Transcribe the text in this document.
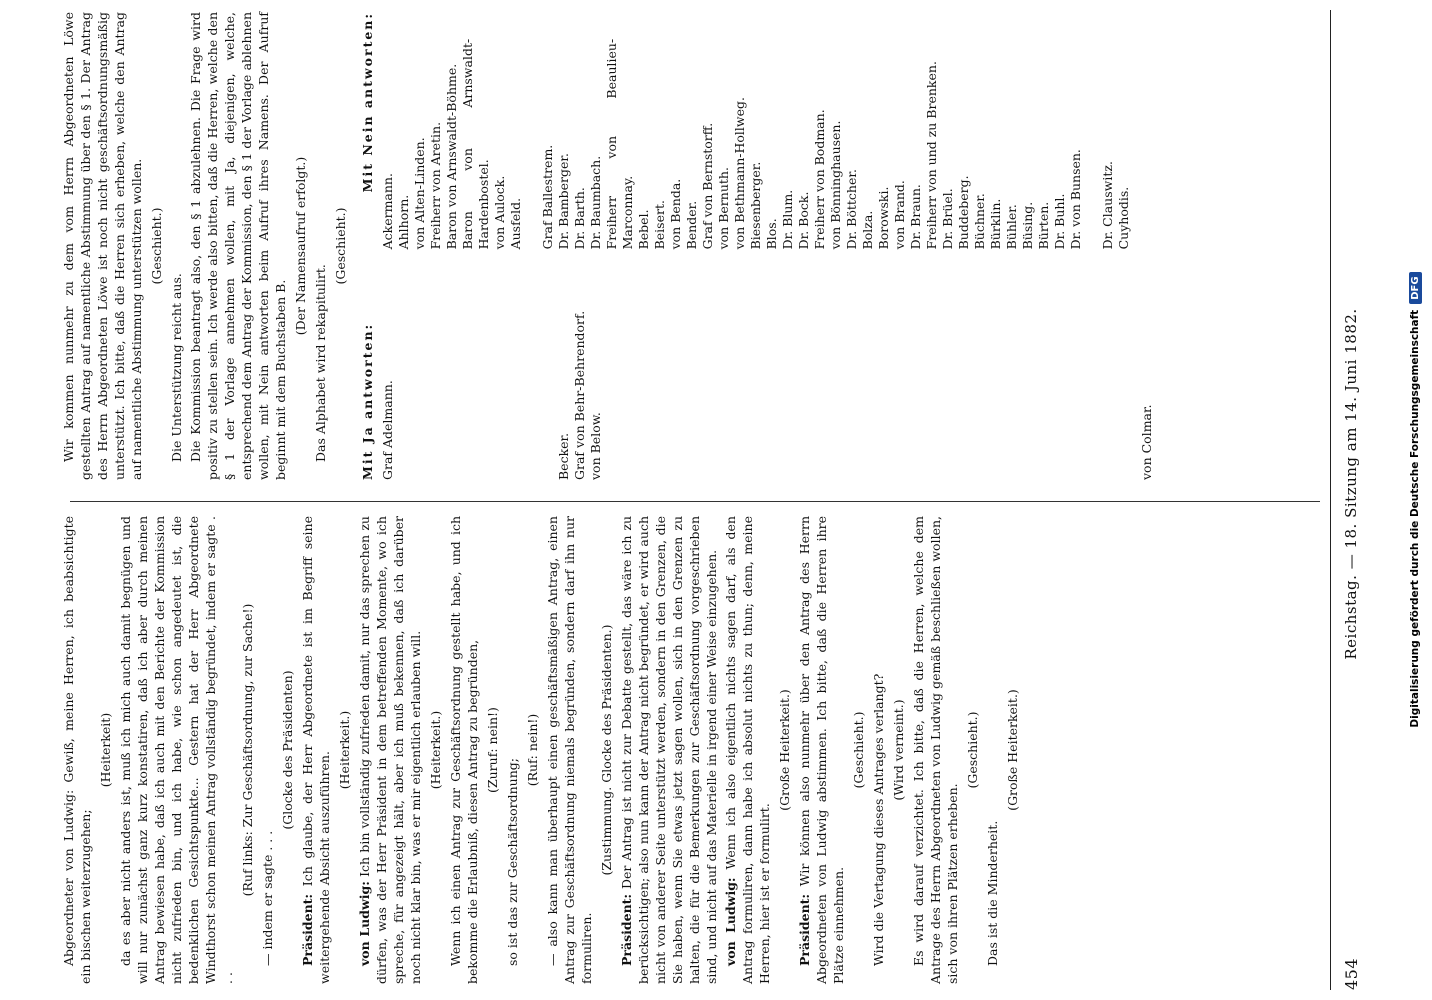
Digitalisierung gefördert durch die Deutsche Forschungsgemeinschaft
DFG
454
Reichstag. — 18. Sitzung am 14. Juni 1882.

Abgeordneter von Ludwig: Gewiß, meine Herren, ich beabsichtigte ein bischen weiterzugehen;

(Heiterkeit) da es aber nicht anders ist, muß ich mich auch damit begnügen und will nur zunächst ganz kurz konstatiren, daß ich aber durch meinen Antrag bewiesen habe, daß ich auch mit den Berichte der Kommission nicht zufrieden bin, und ich habe, wie schon angedeutet ist, die bedenklichen Gesichtspunkte... Gestern hat der Herr Abgeordnete Windthorst schon meinen Antrag vollständig begründet, indem er sagte . . .

(Ruf links: Zur Geschäftsordnung, zur Sache!)

— indem er sagte . . .

(Glocke des Präsidenten)

Präsident: Ich glaube, der Herr Abgeordnete ist im Begriff seine weitergehende Absicht auszuführen.

(Heiterkeit.)

von Ludwig: Ich bin vollständig zufrieden damit, nur das sprechen zu dürfen, was der Herr Präsident in dem betreffenden Momente, wo ich spreche, für angezeigt hält, aber ich muß bekennen, daß ich darüber noch nicht klar bin, was er mir eigentlich erlauben will. (Heiterkeit.) Wenn ich einen Antrag zur Geschäftsordnung gestellt habe, und ich bekomme die Erlaubniß, diesen Antrag zu begründen, (Zuruf: nein!)

so ist das zur Geschäftsordnung;

(Ruf: nein!) — also kann man überhaupt einen geschäftsmäßigen Antrag, einen Antrag zur Geschäftsordnung niemals begründen, sondern darf ihn nur formuliren.

(Zustimmung. Glocke des Präsidenten.)

Präsident: Der Antrag ist nicht zur Debatte gestellt, das wäre ich zu berücksichtigen; also nun kann der Antrag nicht begründet, er wird auch nicht von anderer Seite unterstützt werden, sondern in den Grenzen, die Sie haben, wenn Sie etwas jetzt sagen wollen, sich in den Grenzen zu halten, die für die Bemerkungen zur Geschäftsordnung vorgeschrieben sind, und nicht auf das Materielle in irgend einer Weise einzugehen. von Ludwig: Wenn ich also eigentlich nichts sagen darf, als den Antrag formuliren, dann habe ich absolut nichts zu thun; denn, meine Herren, hier ist er formulirt.

(Große Heiterkeit.)

Präsident: Wir können also nunmehr über den Antrag des Herrn Abgeordneten von Ludwig abstimmen. Ich bitte, daß die Herren ihre Plätze einnehmen.

(Geschieht.) Wird die Vertagung dieses Antrages verlangt? (Wird verneint.) Es wird darauf verzichtet. Ich bitte, daß die Herren, welche dem Antrage des Herrn Abgeordneten von Ludwig gemäß beschließen wollen, sich von ihren Plätzen erheben.

(Geschieht.)

Das ist die Minderheit.

(Große Heiterkeit.)

Wir kommen nunmehr zu dem vom Herrn Abgeordneten Löwe gestellten Antrag auf namentliche Abstimmung über den § 1. Der Antrag des Herrn Abgeordneten Löwe ist noch nicht geschäftsordnungsmäßig unterstützt. Ich bitte, daß die Herren sich erheben, welche den Antrag auf namentliche Abstimmung unterstützen wollen. (Geschieht.)

Die Unterstützung reicht aus. Die Kommission beantragt also, den § 1 abzulehnen. Die Frage wird positiv zu stellen sein. Ich werde also bitten, daß die Herren, welche den § 1 der Vorlage annehmen wollen, mit Ja, diejenigen, welche, entsprechend dem Antrag der Kommission, den § 1 der Vorlage ablehnen wollen, mit Nein antworten beim Aufruf ihres Namens. Der Aufruf beginnt mit dem Buchstaben B.

(Der Namensaufruf erfolgt.)

Das Alphabet wird rekapitulirt.

(Geschieht.)

Mit Ja antworten:
Mit Nein antworten:
Graf Adelmann.

	Becker. Graf von Behr-Behrendorf. von Below.
Ackermann. Ahlhorn. von Alten-Linden. Freiherr von Aretin. Baron von Arnswaldt-Böhme. Baron von Arnswaldt-Hardenbostel. von Aulock. Ausfeld.
Graf Ballestrem. Dr. Bamberger. Dr. Barth. Dr. Baumbach. Freiherr von Beaulieu-Marconnay. Bebel. Beisert. von Benda. Bender. Graf von Bernstorff. von Bernuth. von Bethmann-Hollweg. Biesenberger. Blos. Dr. Blum. Dr. Bock. Freiherr von Bodman. von Bönninghausen. Dr. Böttcher. Bolza. Borowski. von Brand. Dr. Braun. Freiherr von und zu Brenken. Dr. Brüel. Buddeberg. Büchner. Bürklin. Bühler. Büsing. Bürten. Dr. Buhl. Dr. von Bunsen.
Dr. Clauswitz. Cuyhodis.
von Colmar.
